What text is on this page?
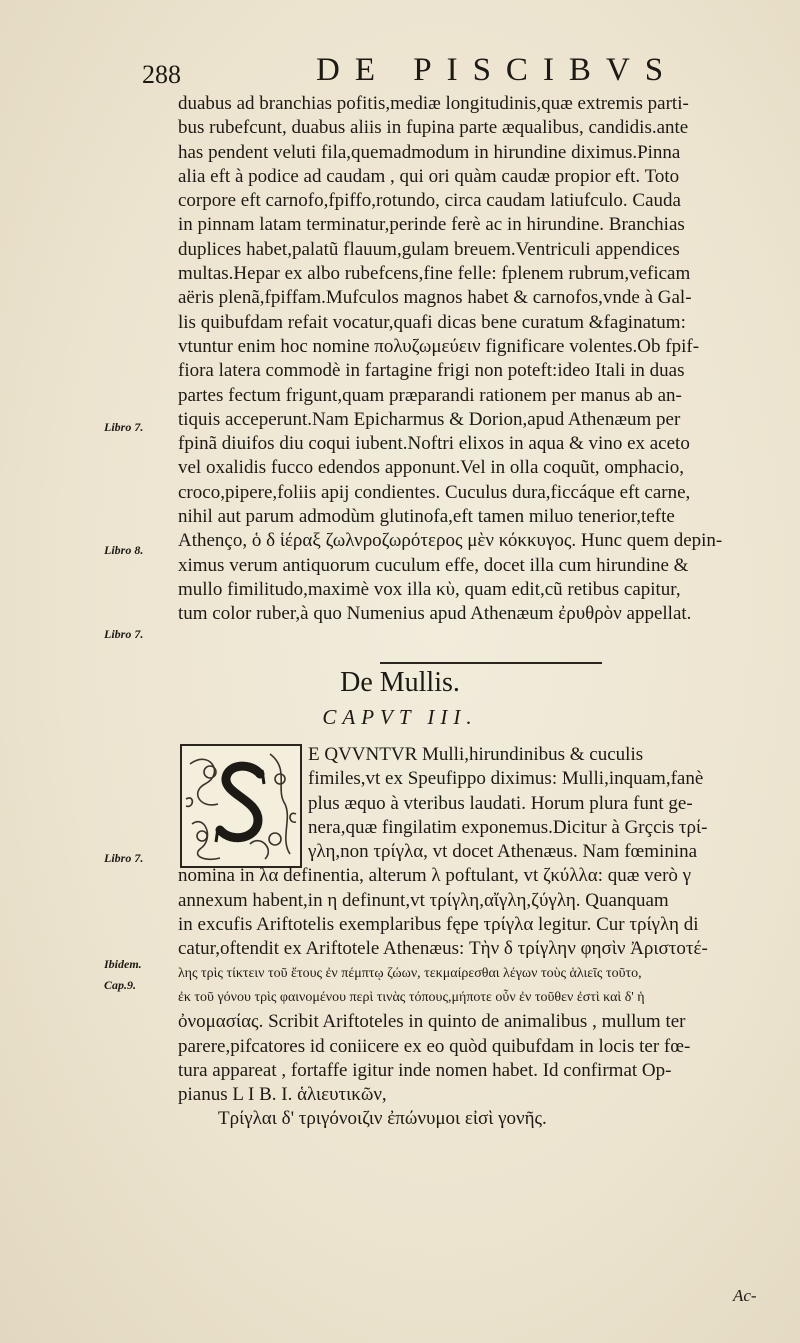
288	DE PISCIBVS
duabus ad branchias pofitis,mediæ longitudinis,quæ extremis parti-
bus rubefcunt, duabus aliis in fupina parte æqualibus, candidis.ante
has pendent veluti fila,quemadmodum in hirundine diximus.Pinna
alia eft à podice ad caudam , qui ori quàm caudæ propior eft. Toto
corpore eft carnofo,fpiffo,rotundo, circa caudam latiufculo. Cauda
in pinnam latam terminatur,perinde ferè ac in hirundine. Branchias
duplices habet,palatũ flauum,gulam breuem.Ventriculi appendices
multas.Hepar ex albo rubefcens,fine felle: fplenem rubrum,veficam
aëris plenã,fpiffam.Mufculos magnos habet & carnofos,vnde à Gal-
lis quibufdam refait vocatur,quafi dicas bene curatum &faginatum:
vtuntur enim hoc nomine πολυζωμεύειν fignificare volentes.Ob fpif-
fiora latera commodè in fartagine frigi non poteft:ideo Itali in duas
partes fectum frigunt,quam præparandi rationem per manus ab an-
tiquis acceperunt.Nam Epicharmus & Dorion,apud Athenæum per
fpinã diuifos diu coqui iubent.Noftri elixos in aqua & vino ex aceto
vel oxalidis fucco edendos apponunt.Vel in olla coquũt, omphacio,
croco,pipere,foliis apij condientes. Cuculus dura,ficcáque eft carne,
nihil aut parum admodùm glutinofa,eft tamen miluo tenerior,tefte
Athenço, ὁ δ ἱέραξ ζωλνροζωρότερος μὲν κόκκυγος. Hunc quem depin-
ximus verum antiquorum cuculum effe, docet illa cum hirundine &
mullo fimilitudo,maximè vox illa κὺ, quam edit,cũ retibus capitur,
tum color ruber,à quo Numenius apud Athenæum ἐρυθρὸν appellat.
Libro 7.
Libro 8.
Libro 7.
Libro 7.
Ibidem.
Cap.9.
De Mullis.
CAPVT III.
E QVVNTVR Mulli,hirundinibus & cuculis
fimiles,vt ex Speufippo diximus: Mulli,inquam,fanè
plus æquo à vteribus laudati. Horum plura funt ge-
nera,quæ fingilatim exponemus.Dicitur à Grçcis τρί-
γλη,non τρίγλα, vt docet Athenæus. Nam fœminina
nomina in λα definentia, alterum λ poftulant, vt ζκύλλα: quæ verò γ
annexum habent,in η definunt,vt τρίγλη,αἴγλη,ζύγλη. Quanquam
in excufis Ariftotelis exemplaribus fępe τρίγλα legitur. Cur τρίγλη di
catur,oftendit ex Ariftotele Athenæus: Τὴν δ τρίγλην φησὶν Ἀριστοτέ-
λης τρὶς τίκτειν τοῦ ἔτους ἐν πέμπτῳ ζώων, τεκμαίρεσθαι λέγων τοὺς ἁλιεῖς τοῦτο,
ἐκ τοῦ γόνου τρὶς φαινομένου περὶ τινὰς τόπους,μήποτε οὖν ἐν τοῦθεν ἐστὶ καὶ δ' ἡ
ὀνομασίας. Scribit Ariftoteles in quinto de animalibus , mullum ter
parere,pifcatores id coniicere ex eo quòd quibufdam in locis ter fœ-
tura appareat , fortaffe igitur inde nomen habet. Id confirmat Op-
pianus L I B. I. ἁλιευτικῶν,
Τρίγλαι δ' τριγόνοιζιν ἐπώνυμοι εἰσὶ γονῆς.
Ac-
